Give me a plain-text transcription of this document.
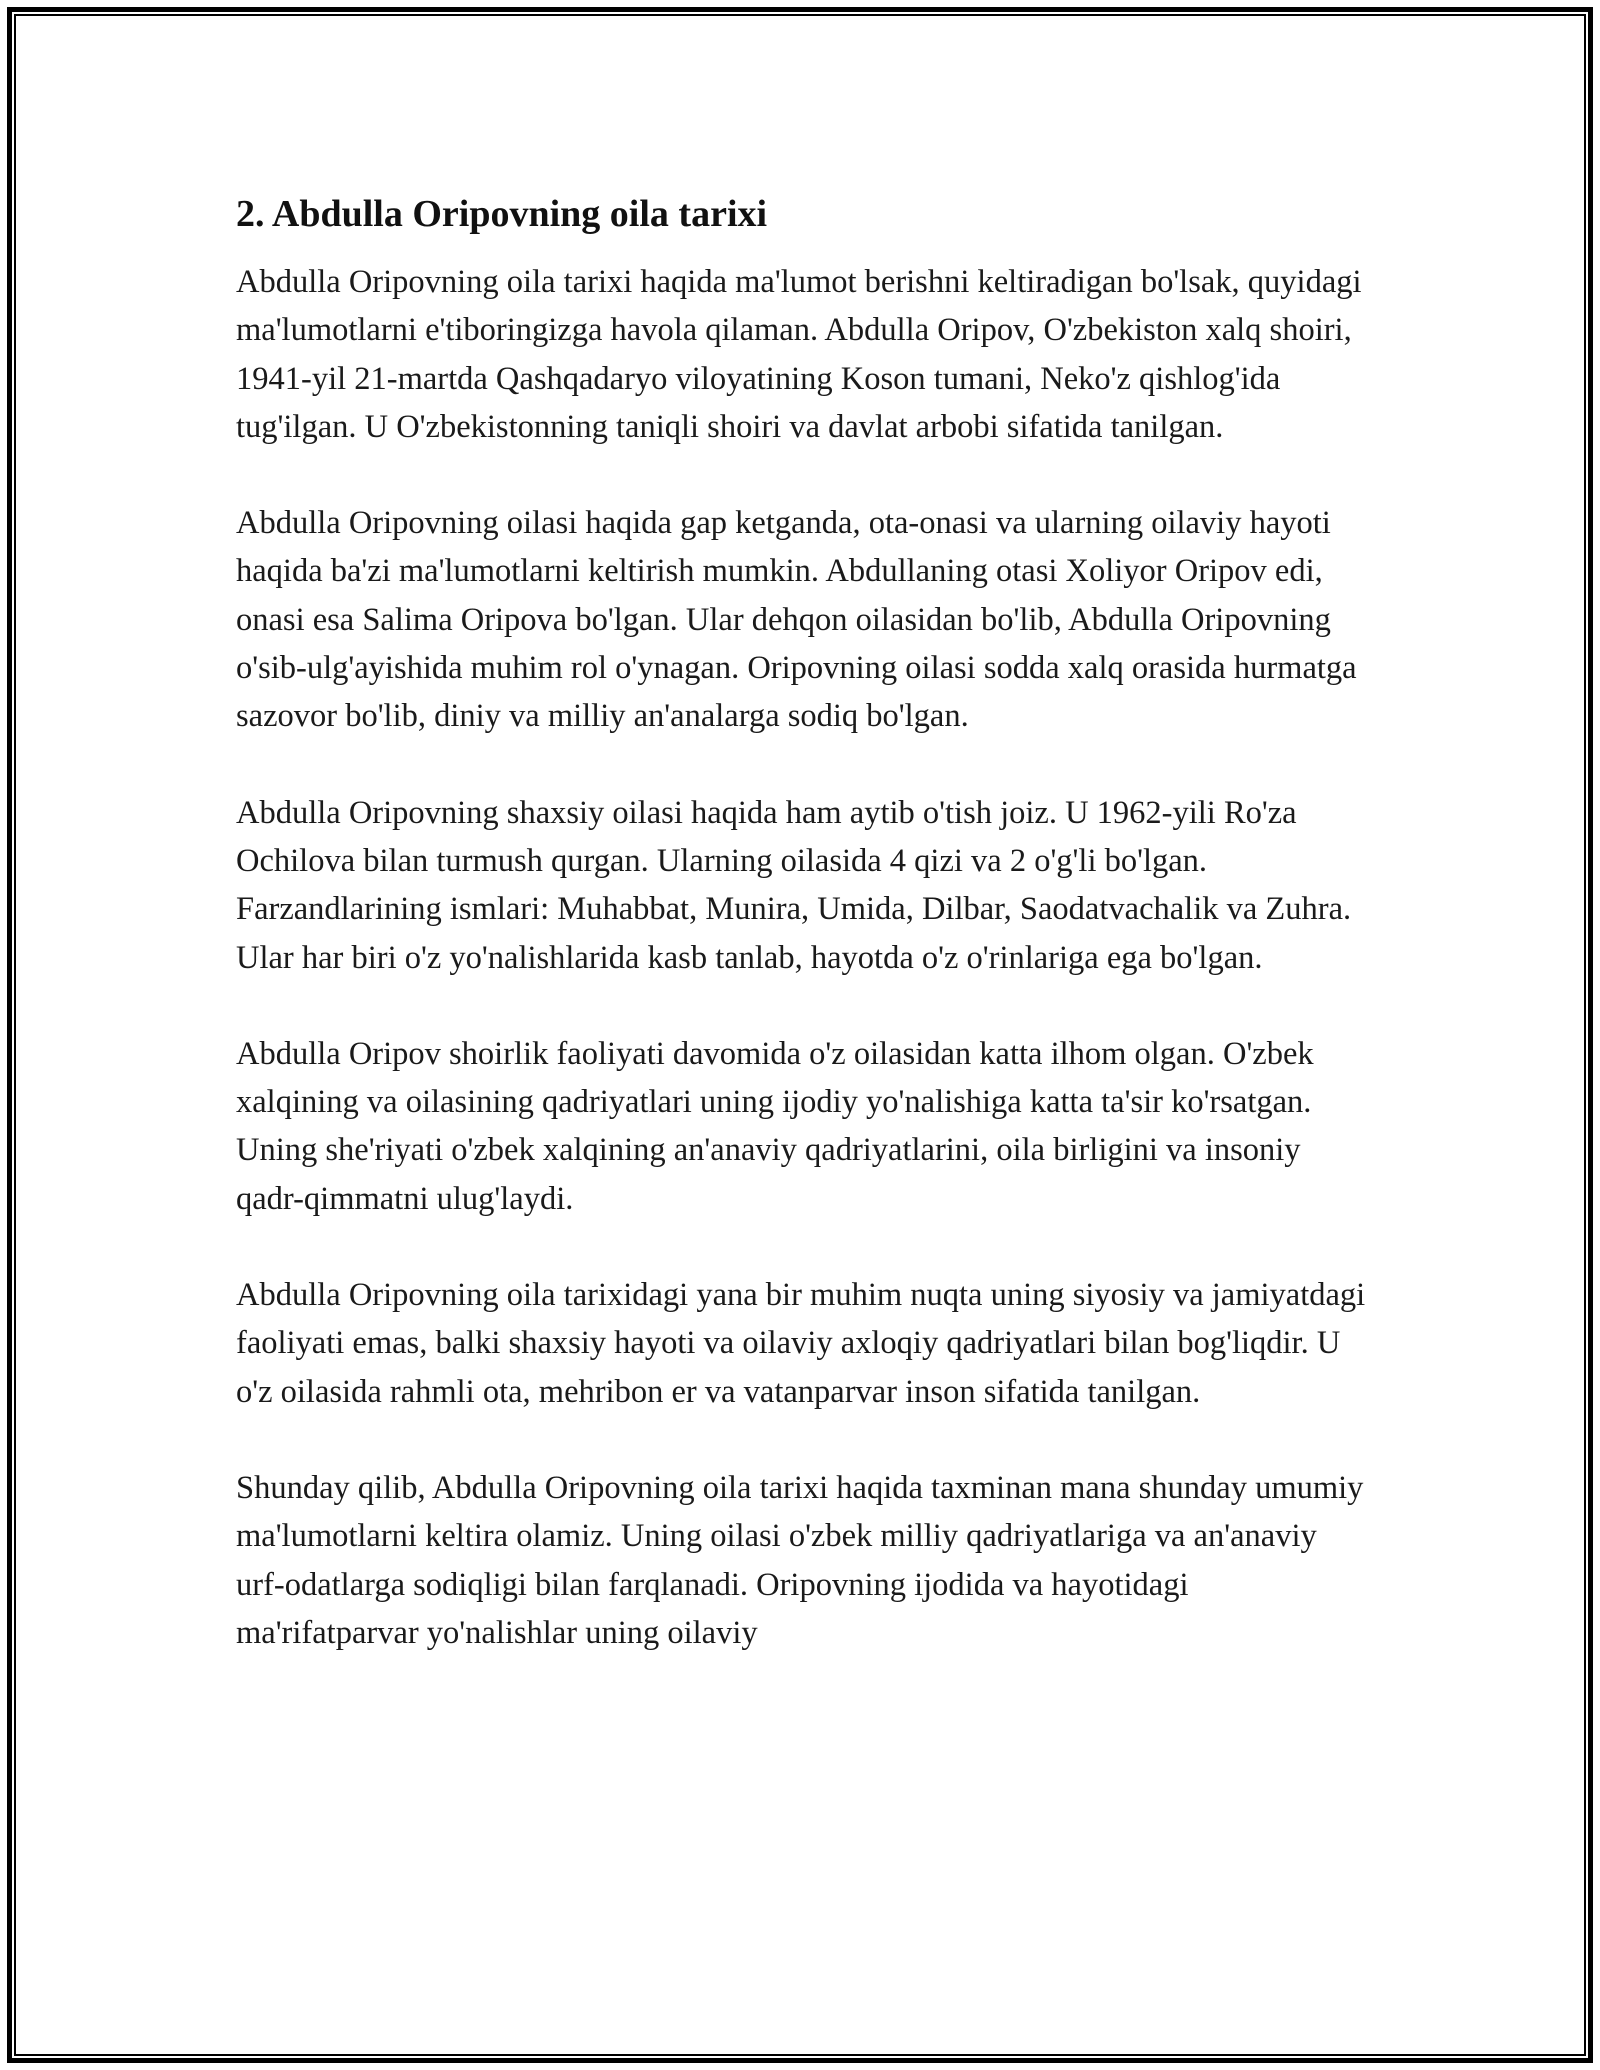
2. Abdulla Oripovning oila tarixi

Abdulla Oripovning oila tarixi haqida ma'lumot berishni keltiradigan bo'lsak, quyidagi ma'lumotlarni e'tiboringizga havola qilaman. Abdulla Oripov, O'zbekiston xalq shoiri, 1941-yil 21-martda Qashqadaryo viloyatining Koson tumani, Neko'z qishlog'ida tug'ilgan. U O'zbekistonning taniqli shoiri va davlat arbobi sifatida tanilgan.

Abdulla Oripovning oilasi haqida gap ketganda, ota-onasi va ularning oilaviy hayoti haqida ba'zi ma'lumotlarni keltirish mumkin. Abdullaning otasi Xoliyor Oripov edi, onasi esa Salima Oripova bo'lgan. Ular dehqon oilasidan bo'lib, Abdulla Oripovning o'sib-ulg'ayishida muhim rol o'ynagan. Oripovning oilasi sodda xalq orasida hurmatga sazovor bo'lib, diniy va milliy an'analarga sodiq bo'lgan.

Abdulla Oripovning shaxsiy oilasi haqida ham aytib o'tish joiz. U 1962-yili Ro'za Ochilova bilan turmush qurgan. Ularning oilasida 4 qizi va 2 o'g'li bo'lgan. Farzandlarining ismlari: Muhabbat, Munira, Umida, Dilbar, Saodatvachalik va Zuhra. Ular har biri o'z yo'nalishlarida kasb tanlab, hayotda o'z o'rinlariga ega bo'lgan.

Abdulla Oripov shoirlik faoliyati davomida o'z oilasidan katta ilhom olgan. O'zbek xalqining va oilasining qadriyatlari uning ijodiy yo'nalishiga katta ta'sir ko'rsatgan. Uning she'riyati o'zbek xalqining an'anaviy qadriyatlarini, oila birligini va insoniy qadr-qimmatni ulug'laydi.

Abdulla Oripovning oila tarixidagi yana bir muhim nuqta uning siyosiy va jamiyatdagi faoliyati emas, balki shaxsiy hayoti va oilaviy axloqiy qadriyatlari bilan bog'liqdir. U o'z oilasida rahmli ota, mehribon er va vatanparvar inson sifatida tanilgan.

Shunday qilib, Abdulla Oripovning oila tarixi haqida taxminan mana shunday umumiy ma'lumotlarni keltira olamiz. Uning oilasi o'zbek milliy qadriyatlariga va an'anaviy urf-odatlarga sodiqligi bilan farqlanadi. Oripovning ijodida va hayotidagi ma'rifatparvar yo'nalishlar uning oilaviy
